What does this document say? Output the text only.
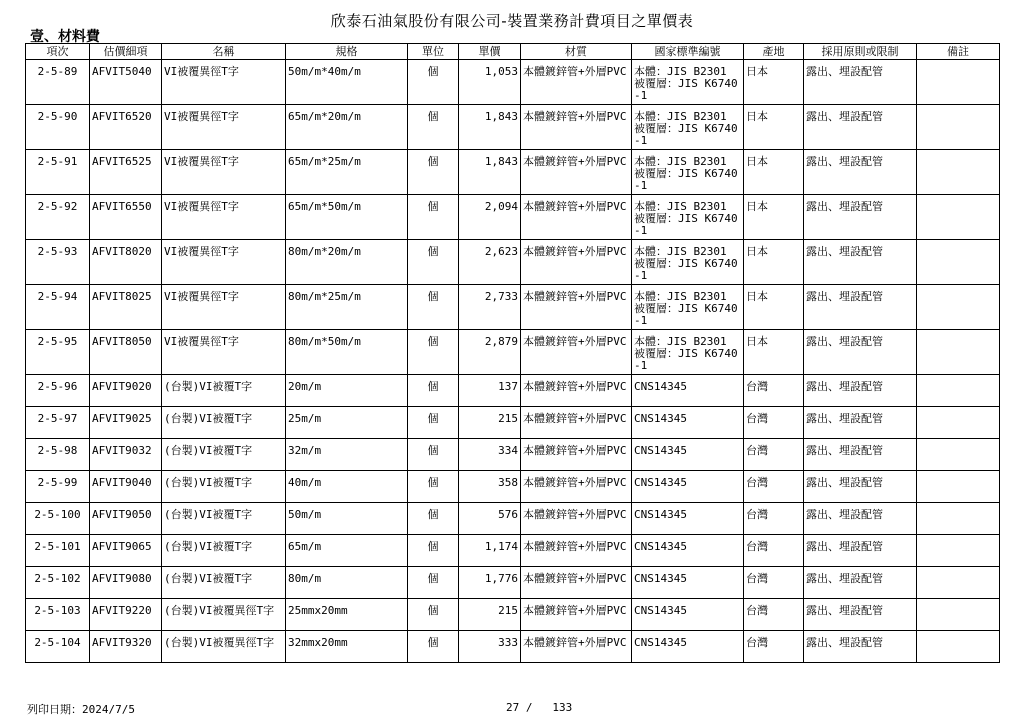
欣泰石油氣股份有限公司-裝置業務計費項目之單價表
壹、材料費
項次	估價細項	名稱	規格	單位	單價	材質	國家標準編號	產地	採用原則或限制	備註
2-5-89	AFVIT5040	VI被覆異徑T字	50m/m*40m/m	個	1,053	本體鍍鋅管+外層PVC	本體：JIS B2301 被覆層：JIS K6740-1	日本	露出、埋設配管	
2-5-90	AFVIT6520	VI被覆異徑T字	65m/m*20m/m	個	1,843	本體鍍鋅管+外層PVC	本體：JIS B2301 被覆層：JIS K6740-1	日本	露出、埋設配管	
2-5-91	AFVIT6525	VI被覆異徑T字	65m/m*25m/m	個	1,843	本體鍍鋅管+外層PVC	本體：JIS B2301 被覆層：JIS K6740-1	日本	露出、埋設配管	
2-5-92	AFVIT6550	VI被覆異徑T字	65m/m*50m/m	個	2,094	本體鍍鋅管+外層PVC	本體：JIS B2301 被覆層：JIS K6740-1	日本	露出、埋設配管	
2-5-93	AFVIT8020	VI被覆異徑T字	80m/m*20m/m	個	2,623	本體鍍鋅管+外層PVC	本體：JIS B2301 被覆層：JIS K6740-1	日本	露出、埋設配管	
2-5-94	AFVIT8025	VI被覆異徑T字	80m/m*25m/m	個	2,733	本體鍍鋅管+外層PVC	本體：JIS B2301 被覆層：JIS K6740-1	日本	露出、埋設配管	
2-5-95	AFVIT8050	VI被覆異徑T字	80m/m*50m/m	個	2,879	本體鍍鋅管+外層PVC	本體：JIS B2301 被覆層：JIS K6740-1	日本	露出、埋設配管	
2-5-96	AFVIT9020	(台製)VI被覆T字	20m/m	個	137	本體鍍鋅管+外層PVC	CNS14345	台灣	露出、埋設配管	
2-5-97	AFVIT9025	(台製)VI被覆T字	25m/m	個	215	本體鍍鋅管+外層PVC	CNS14345	台灣	露出、埋設配管	
2-5-98	AFVIT9032	(台製)VI被覆T字	32m/m	個	334	本體鍍鋅管+外層PVC	CNS14345	台灣	露出、埋設配管	
2-5-99	AFVIT9040	(台製)VI被覆T字	40m/m	個	358	本體鍍鋅管+外層PVC	CNS14345	台灣	露出、埋設配管	
2-5-100	AFVIT9050	(台製)VI被覆T字	50m/m	個	576	本體鍍鋅管+外層PVC	CNS14345	台灣	露出、埋設配管	
2-5-101	AFVIT9065	(台製)VI被覆T字	65m/m	個	1,174	本體鍍鋅管+外層PVC	CNS14345	台灣	露出、埋設配管	
2-5-102	AFVIT9080	(台製)VI被覆T字	80m/m	個	1,776	本體鍍鋅管+外層PVC	CNS14345	台灣	露出、埋設配管	
2-5-103	AFVIT9220	(台製)VI被覆異徑T字	25mmx20mm	個	215	本體鍍鋅管+外層PVC	CNS14345	台灣	露出、埋設配管	
2-5-104	AFVIT9320	(台製)VI被覆異徑T字	32mmx20mm	個	333	本體鍍鋅管+外層PVC	CNS14345	台灣	露出、埋設配管	
列印日期：2024/7/5	27 /   133
